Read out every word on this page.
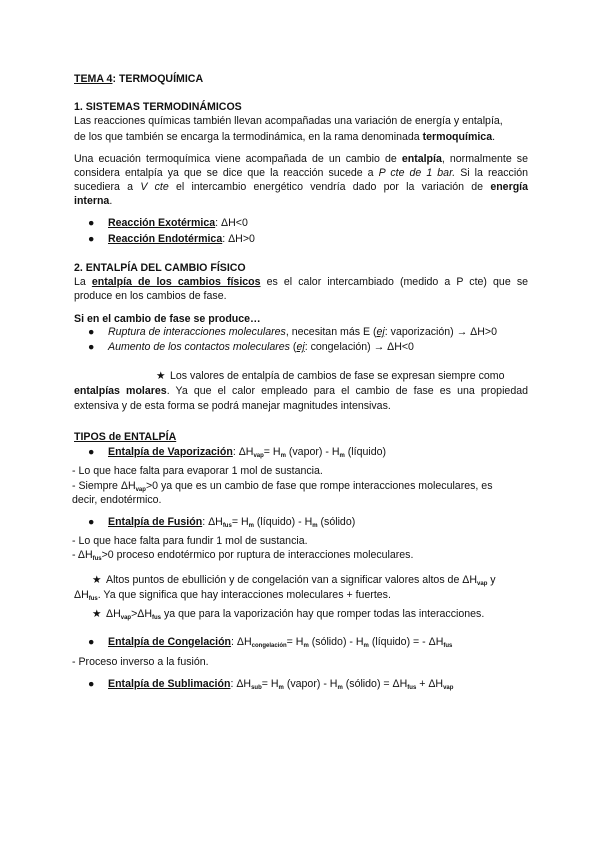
TEMA 4: TERMOQUÍMICA
1. SISTEMAS TERMODINÁMICOS
Las reacciones químicas también llevan acompañadas una variación de energía y entalpía,
de los que también se encarga la termodinámica, en la rama denominada termoquímica.
Una ecuación termoquímica viene acompañada de un cambio de entalpía, normalmente se
considera entalpía ya que se dice que la reacción sucede a P cte de 1 bar. Si la reacción
sucediera a V cte el intercambio energético vendría dado por la variación de energía
interna.
● Reacción Exotérmica: ΔH<0
● Reacción Endotérmica: ΔH>0
2. ENTALPÍA DEL CAMBIO FÍSICO
La entalpía de los cambios físicos es el calor intercambiado (medido a P cte) que se
produce en los cambios de fase.
Si en el cambio de fase se produce…
● Ruptura de interacciones moleculares, necesitan más E (ej: vaporización) → ΔH>0
● Aumento de los contactos moleculares (ej: congelación) → ΔH<0
★ Los valores de entalpía de cambios de fase se expresan siempre como
entalpías molares. Ya que el calor empleado para el cambio de fase es una propiedad
extensiva y de esta forma se podrá manejar magnitudes intensivas.
TIPOS de ENTALPÍA
● Entalpía de Vaporización: $\Delta H_{vap}= H_m$ (vapor) - $H_m$ (líquido)
- Lo que hace falta para evaporar 1 mol de sustancia.
- Siempre $\Delta H_{vap}>0$ ya que es un cambio de fase que rompe interacciones moleculares, es
decir, endotérmico.
● Entalpía de Fusión: $\Delta H_{fus}= H_m$ (líquido) - $H_m$ (sólido)
- Lo que hace falta para fundir 1 mol de sustancia.
- $\Delta H_{fus}>0$ proceso endotérmico por ruptura de interacciones moleculares.
★ Altos puntos de ebullición y de congelación van a significar valores altos de $\Delta H_{vap}$ y
$\Delta H_{fus}$. Ya que significa que hay interacciones moleculares + fuertes.
★ $\Delta H_{vap}>\Delta H_{fus}$ ya que para la vaporización hay que romper todas las interacciones.
● Entalpía de Congelación: $\Delta H_{congelación}= H_m$ (sólido) - $H_m$ (líquido) = - $\Delta H_{fus}$
- Proceso inverso a la fusión.
● Entalpía de Sublimación: $\Delta H_{sub}= H_m$ (vapor) - $H_m$ (sólido) = $\Delta H_{fus} + \Delta H_{vap}$
